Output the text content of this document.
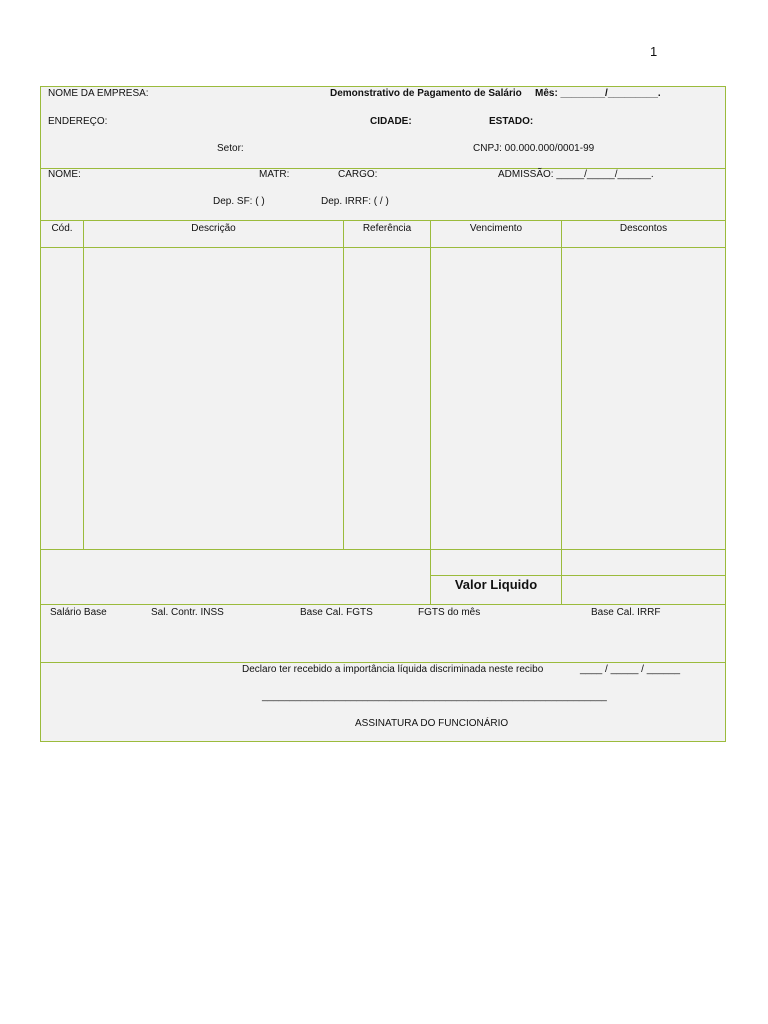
1
NOME DA EMPRESA:	Demonstrativo de Pagamento de Salário Mês: ________/_________.
ENDEREÇO:	CIDADE:	ESTADO:
Setor:	CNPJ: 00.000.000/0001-99
NOME:	MATR:	CARGO:	ADMISSÃO: _____/_____/______.
Dep. SF: ( )	Dep. IRRF: ( / )
Cód.	Descrição	Referência	Vencimento	Descontos
Valor Liquido
Salário Base	Sal. Contr. INSS	Base Cal. FGTS	FGTS do mês	Base Cal. IRRF
Declaro ter recebido a importância líquida discriminada neste recibo	____ / _____ / ______
______________________________________________________________
ASSINATURA DO FUNCIONÁRIO
